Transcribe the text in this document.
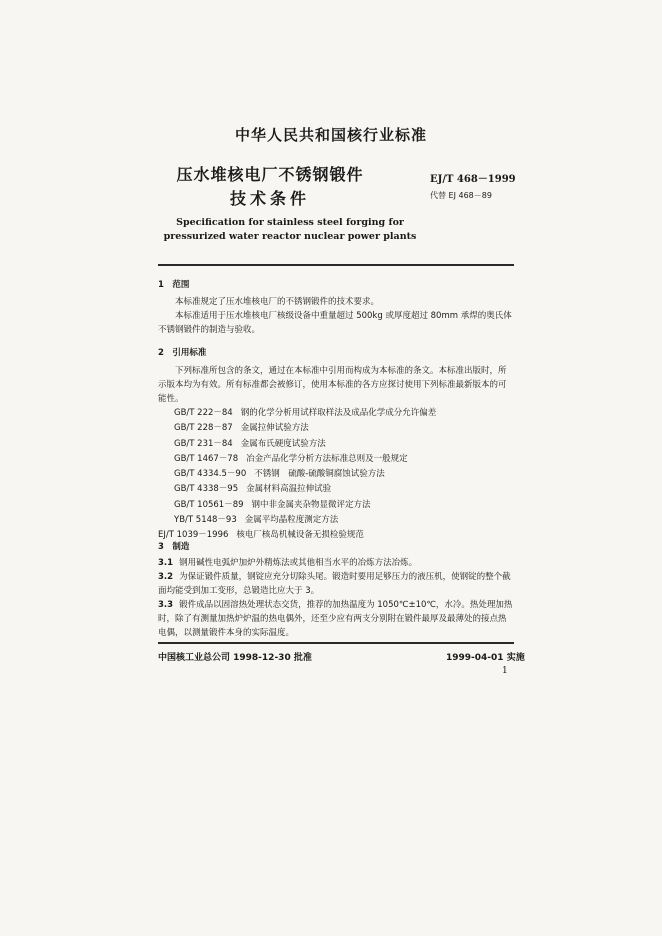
中华人民共和国核行业标准
压水堆核电厂不锈钢锻件
技术条件
EJ/T 468－1999
代替 EJ 468－89
Specification for stainless steel forging for
pressurized water reactor nuclear power plants
1　范围
本标准规定了压水堆核电厂的不锈钢锻件的技术要求。
本标准适用于压水堆核电厂核级设备中重量超过 500kg 或厚度超过 80mm 承焊的奥氏体不锈钢锻件的制造与验收。
2　引用标准
下列标准所包含的条文，通过在本标准中引用而构成为本标准的条文。本标准出版时，所示版本均为有效。所有标准都会被修订，使用本标准的各方应探讨使用下列标准最新版本的可能性。
GB/T 222－84 钢的化学分析用试样取样法及成品化学成分允许偏差
GB/T 228－87 金属拉伸试验方法
GB/T 231－84 金属布氏硬度试验方法
GB/T 1467－78 冶金产品化学分析方法标准总则及一般规定
GB/T 4334.5－90 不锈钢　硫酸-硫酸铜腐蚀试验方法
GB/T 4338－95 金属材料高温拉伸试验
GB/T 10561－89 钢中非金属夹杂物显微评定方法
YB/T 5148－93 金属平均晶粒度测定方法
EJ/T 1039－1996 核电厂核岛机械设备无损检验规范
3　制造
3.1 钢用碱性电弧炉加炉外精炼法或其他相当水平的冶炼方法冶炼。
3.2 为保证锻件质量，钢锭应充分切除头尾。锻造时要用足够压力的液压机，使钢锭的整个截面均能受到加工变形，总锻造比应大于 3。
3.3 锻件成品以固溶热处理状态交货，推荐的加热温度为 1050℃±10℃，水冷。热处理加热时，除了有测量加热炉炉温的热电偶外，还至少应有两支分别附在锻件最厚及最薄处的接点热电偶，以测量锻件本身的实际温度。
中国核工业总公司 1998-12-30 批准	1999-04-01 实施
1
